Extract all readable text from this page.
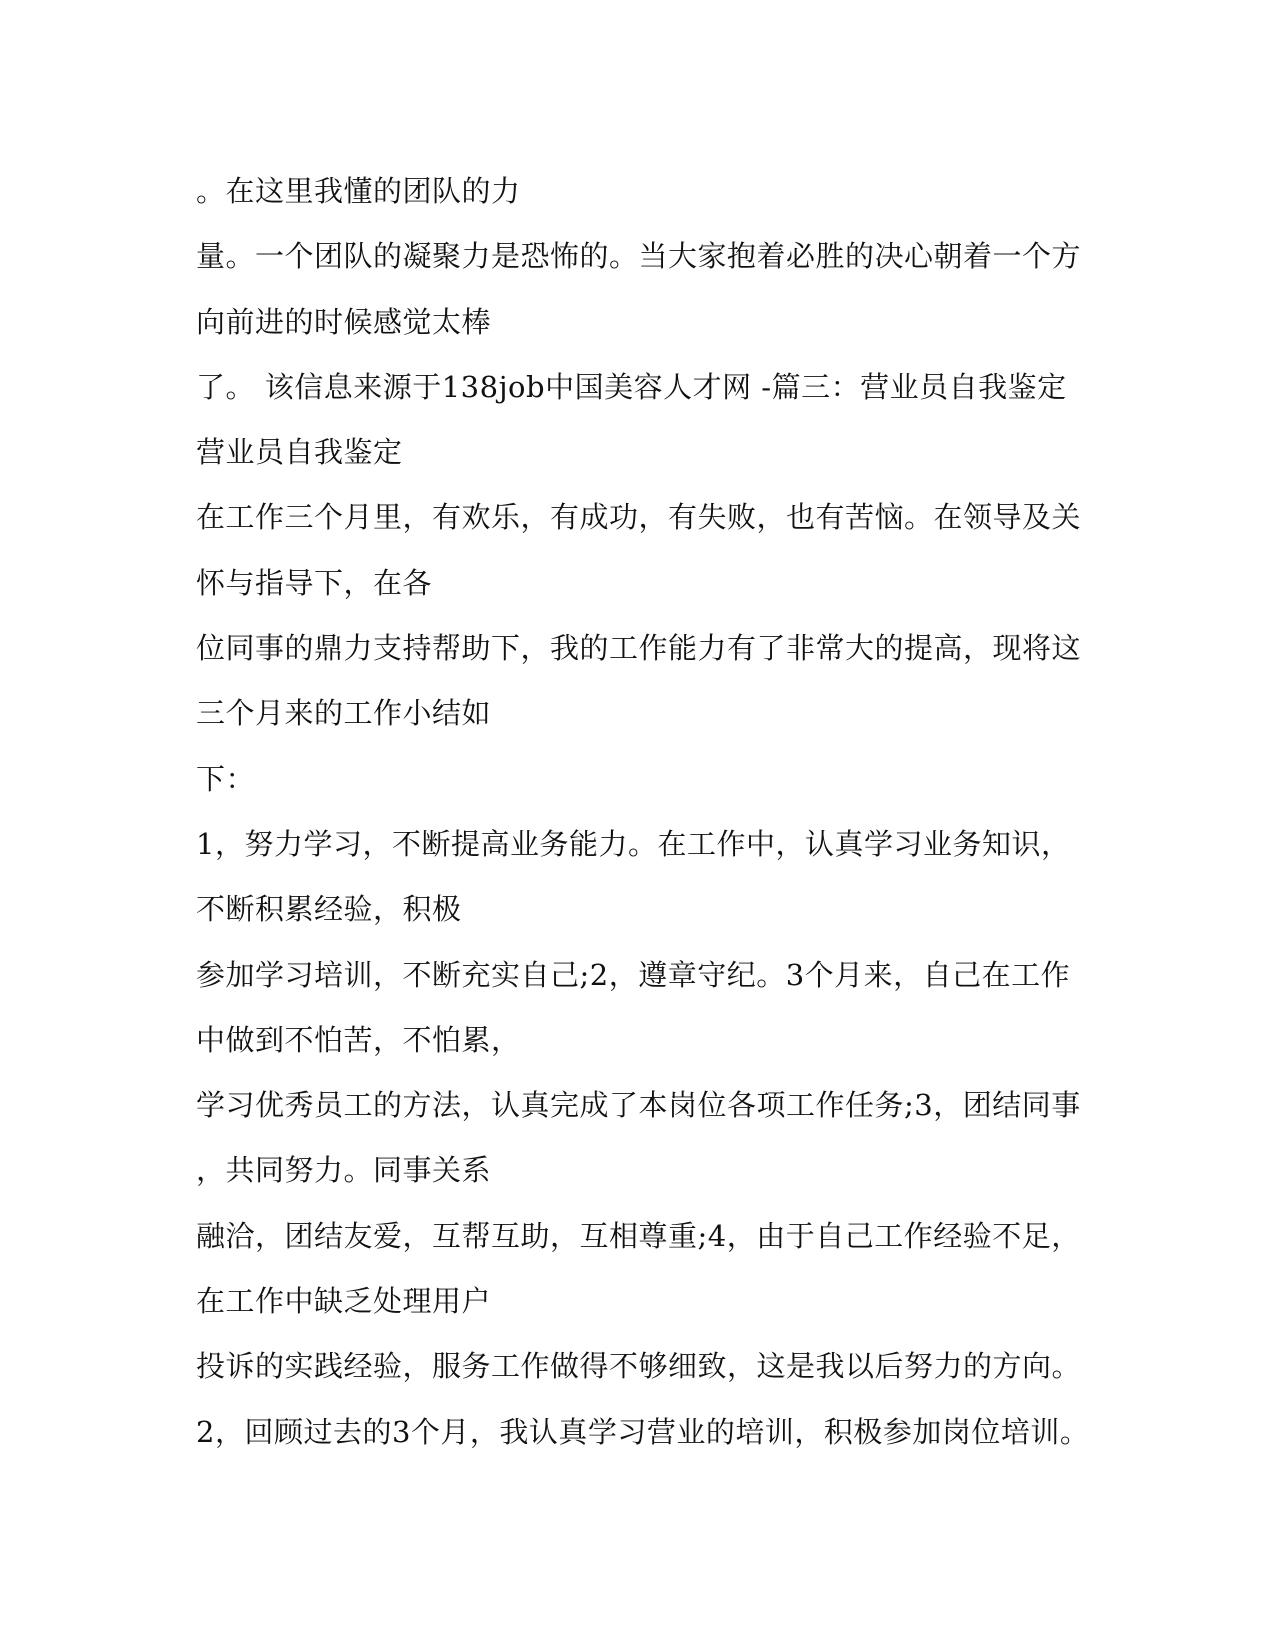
。在这里我懂的团队的力
量。一个团队的凝聚力是恐怖的。当大家抱着必胜的决心朝着一个方
向前进的时候感觉太棒
了。 该信息来源于138job中国美容人才网 -篇三：营业员自我鉴定
营业员自我鉴定
在工作三个月里，有欢乐，有成功，有失败，也有苦恼。在领导及关
怀与指导下，在各
位同事的鼎力支持帮助下，我的工作能力有了非常大的提高，现将这
三个月来的工作小结如
下：
1，努力学习，不断提高业务能力。在工作中，认真学习业务知识，
不断积累经验，积极
参加学习培训，不断充实自己;2，遵章守纪。3个月来，自己在工作
中做到不怕苦，不怕累，
学习优秀员工的方法，认真完成了本岗位各项工作任务;3，团结同事
，共同努力。同事关系
融洽，团结友爱，互帮互助，互相尊重;4，由于自己工作经验不足，
在工作中缺乏处理用户
投诉的实践经验，服务工作做得不够细致，这是我以后努力的方向。
2，回顾过去的3个月，我认真学习营业的培训，积极参加岗位培训。
